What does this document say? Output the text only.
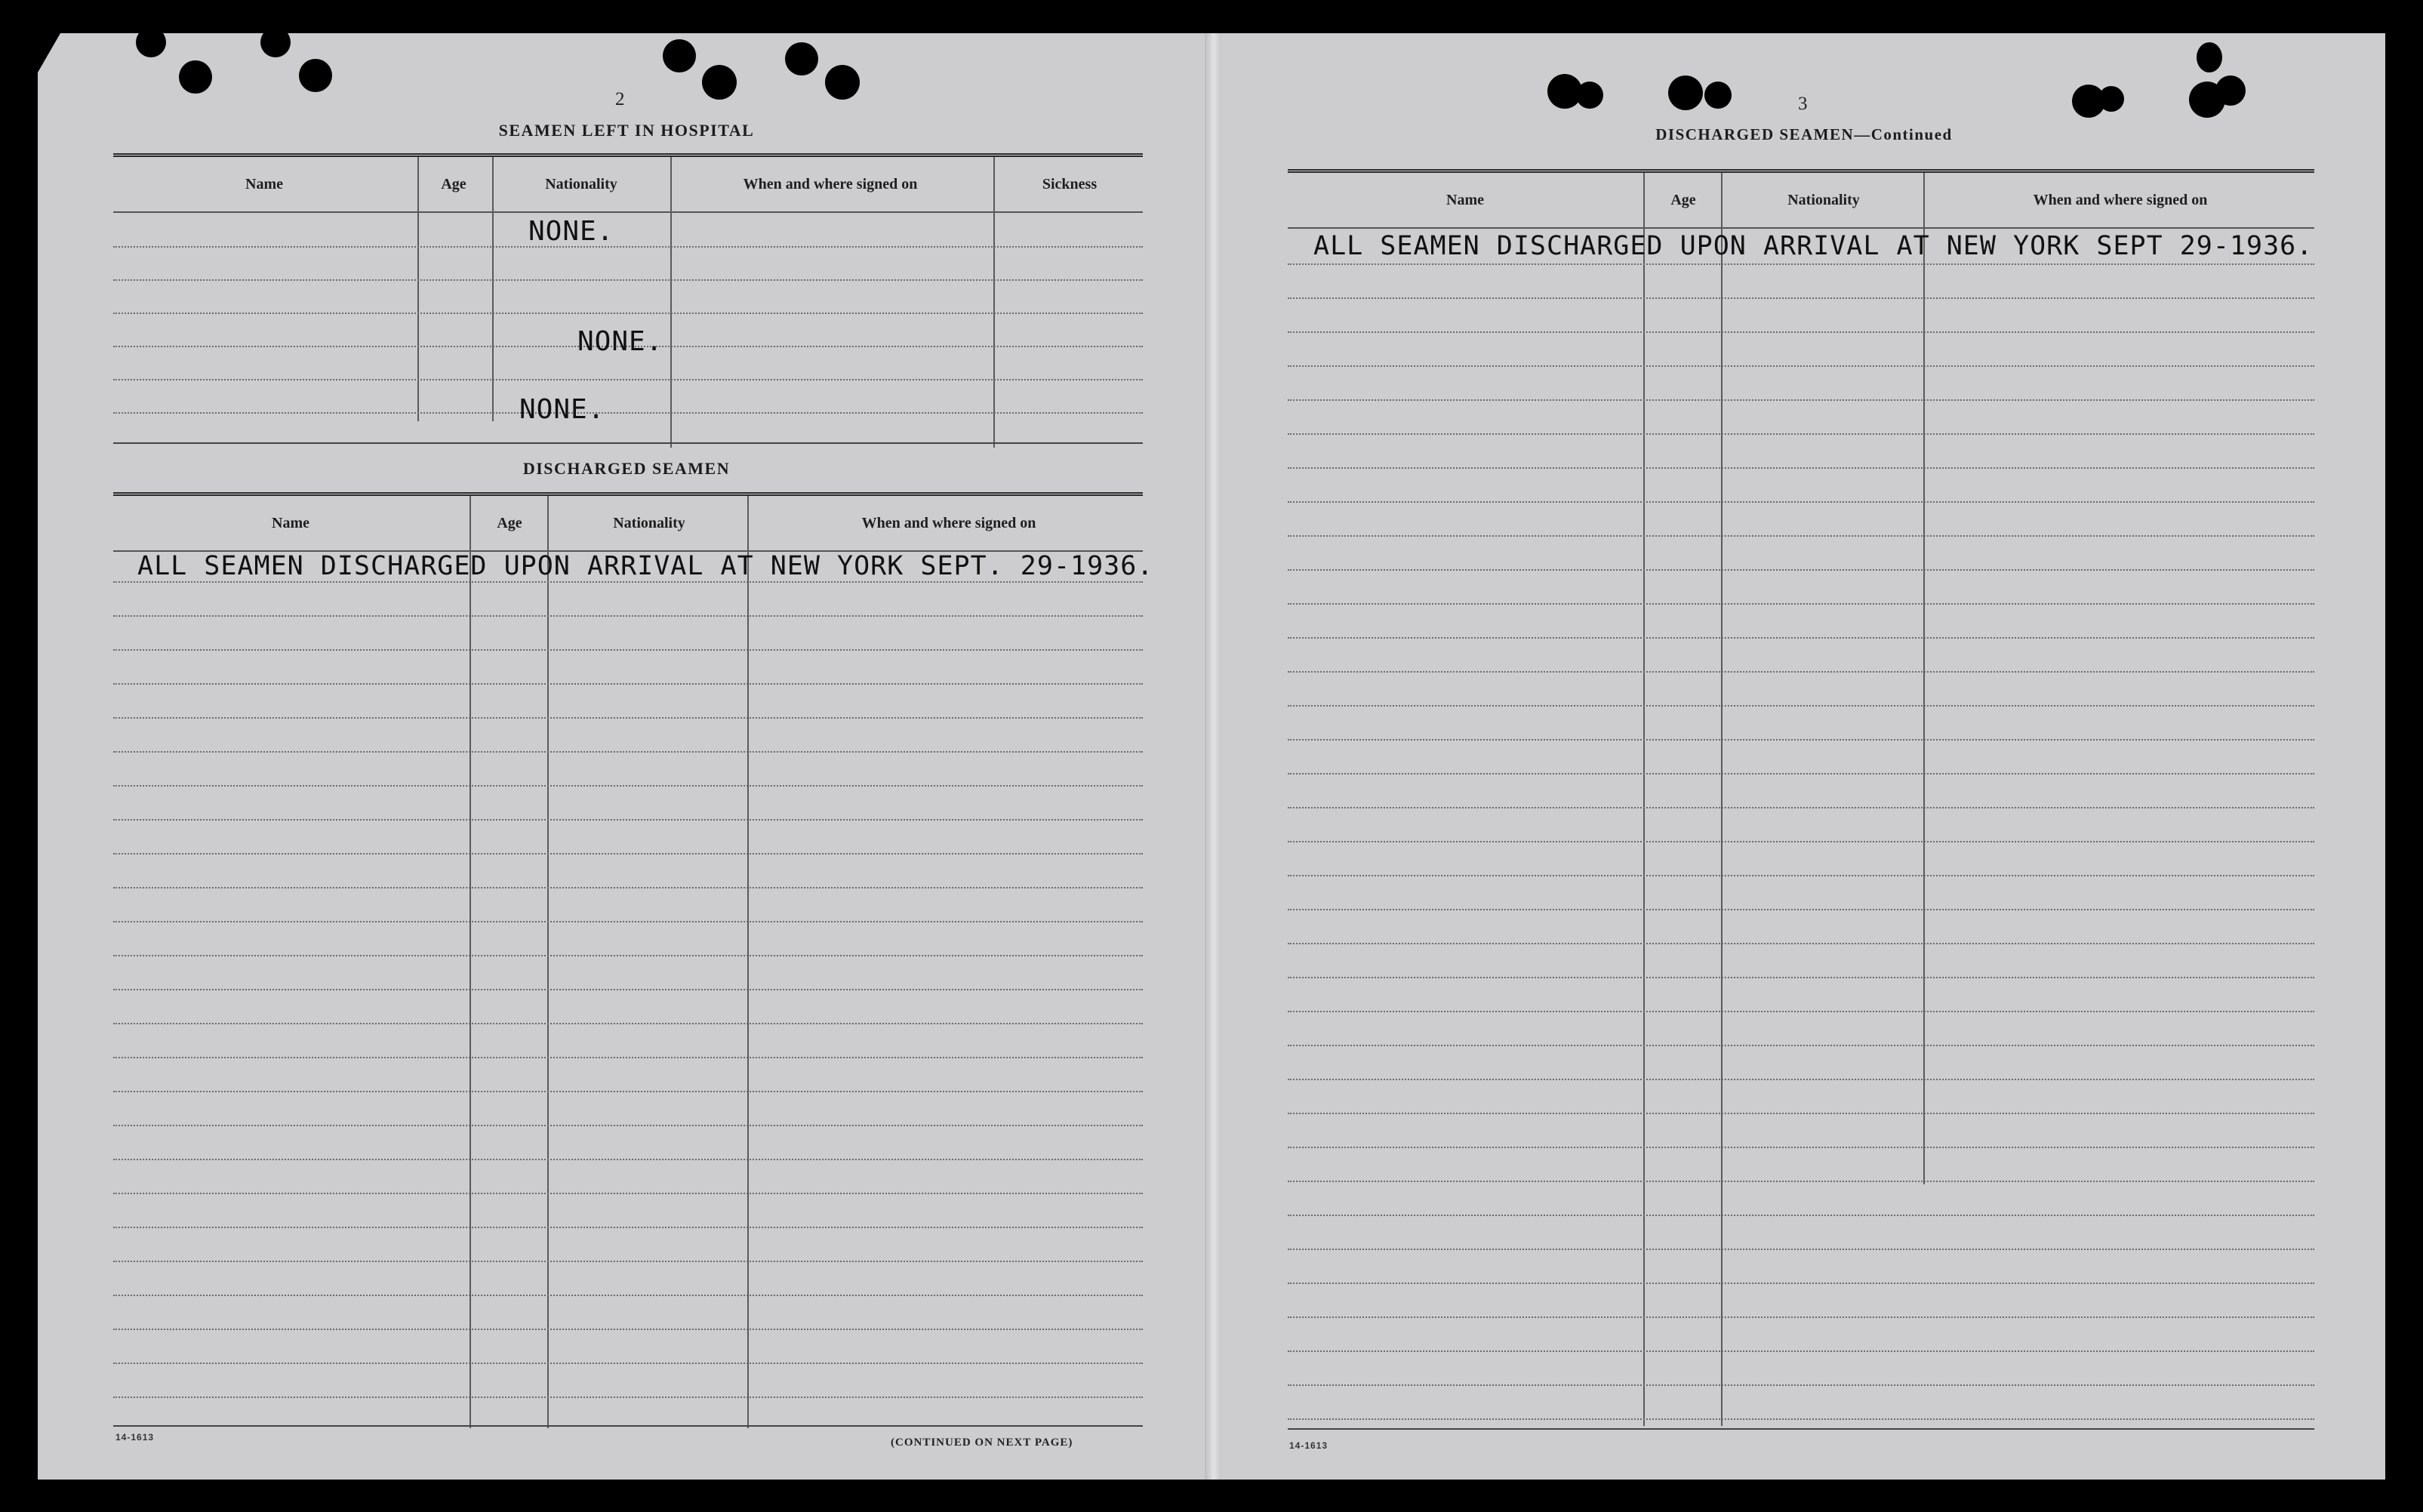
2
SEAMEN LEFT IN HOSPITAL
Name	Age	Nationality	When and where signed on	Sickness
NONE.
NONE.
NONE.
DISCHARGED SEAMEN
Name	Age	Nationality	When and where signed on
ALL SEAMEN DISCHARGED UPON ARRIVAL AT NEW YORK SEPT. 29-1936.
14-1613	(CONTINUED ON NEXT PAGE)
3
DISCHARGED SEAMEN—Continued
Name	Age	Nationality	When and where signed on
ALL SEAMEN DISCHARGED UPON ARRIVAL AT NEW YORK SEPT 29-1936.
14-1613
